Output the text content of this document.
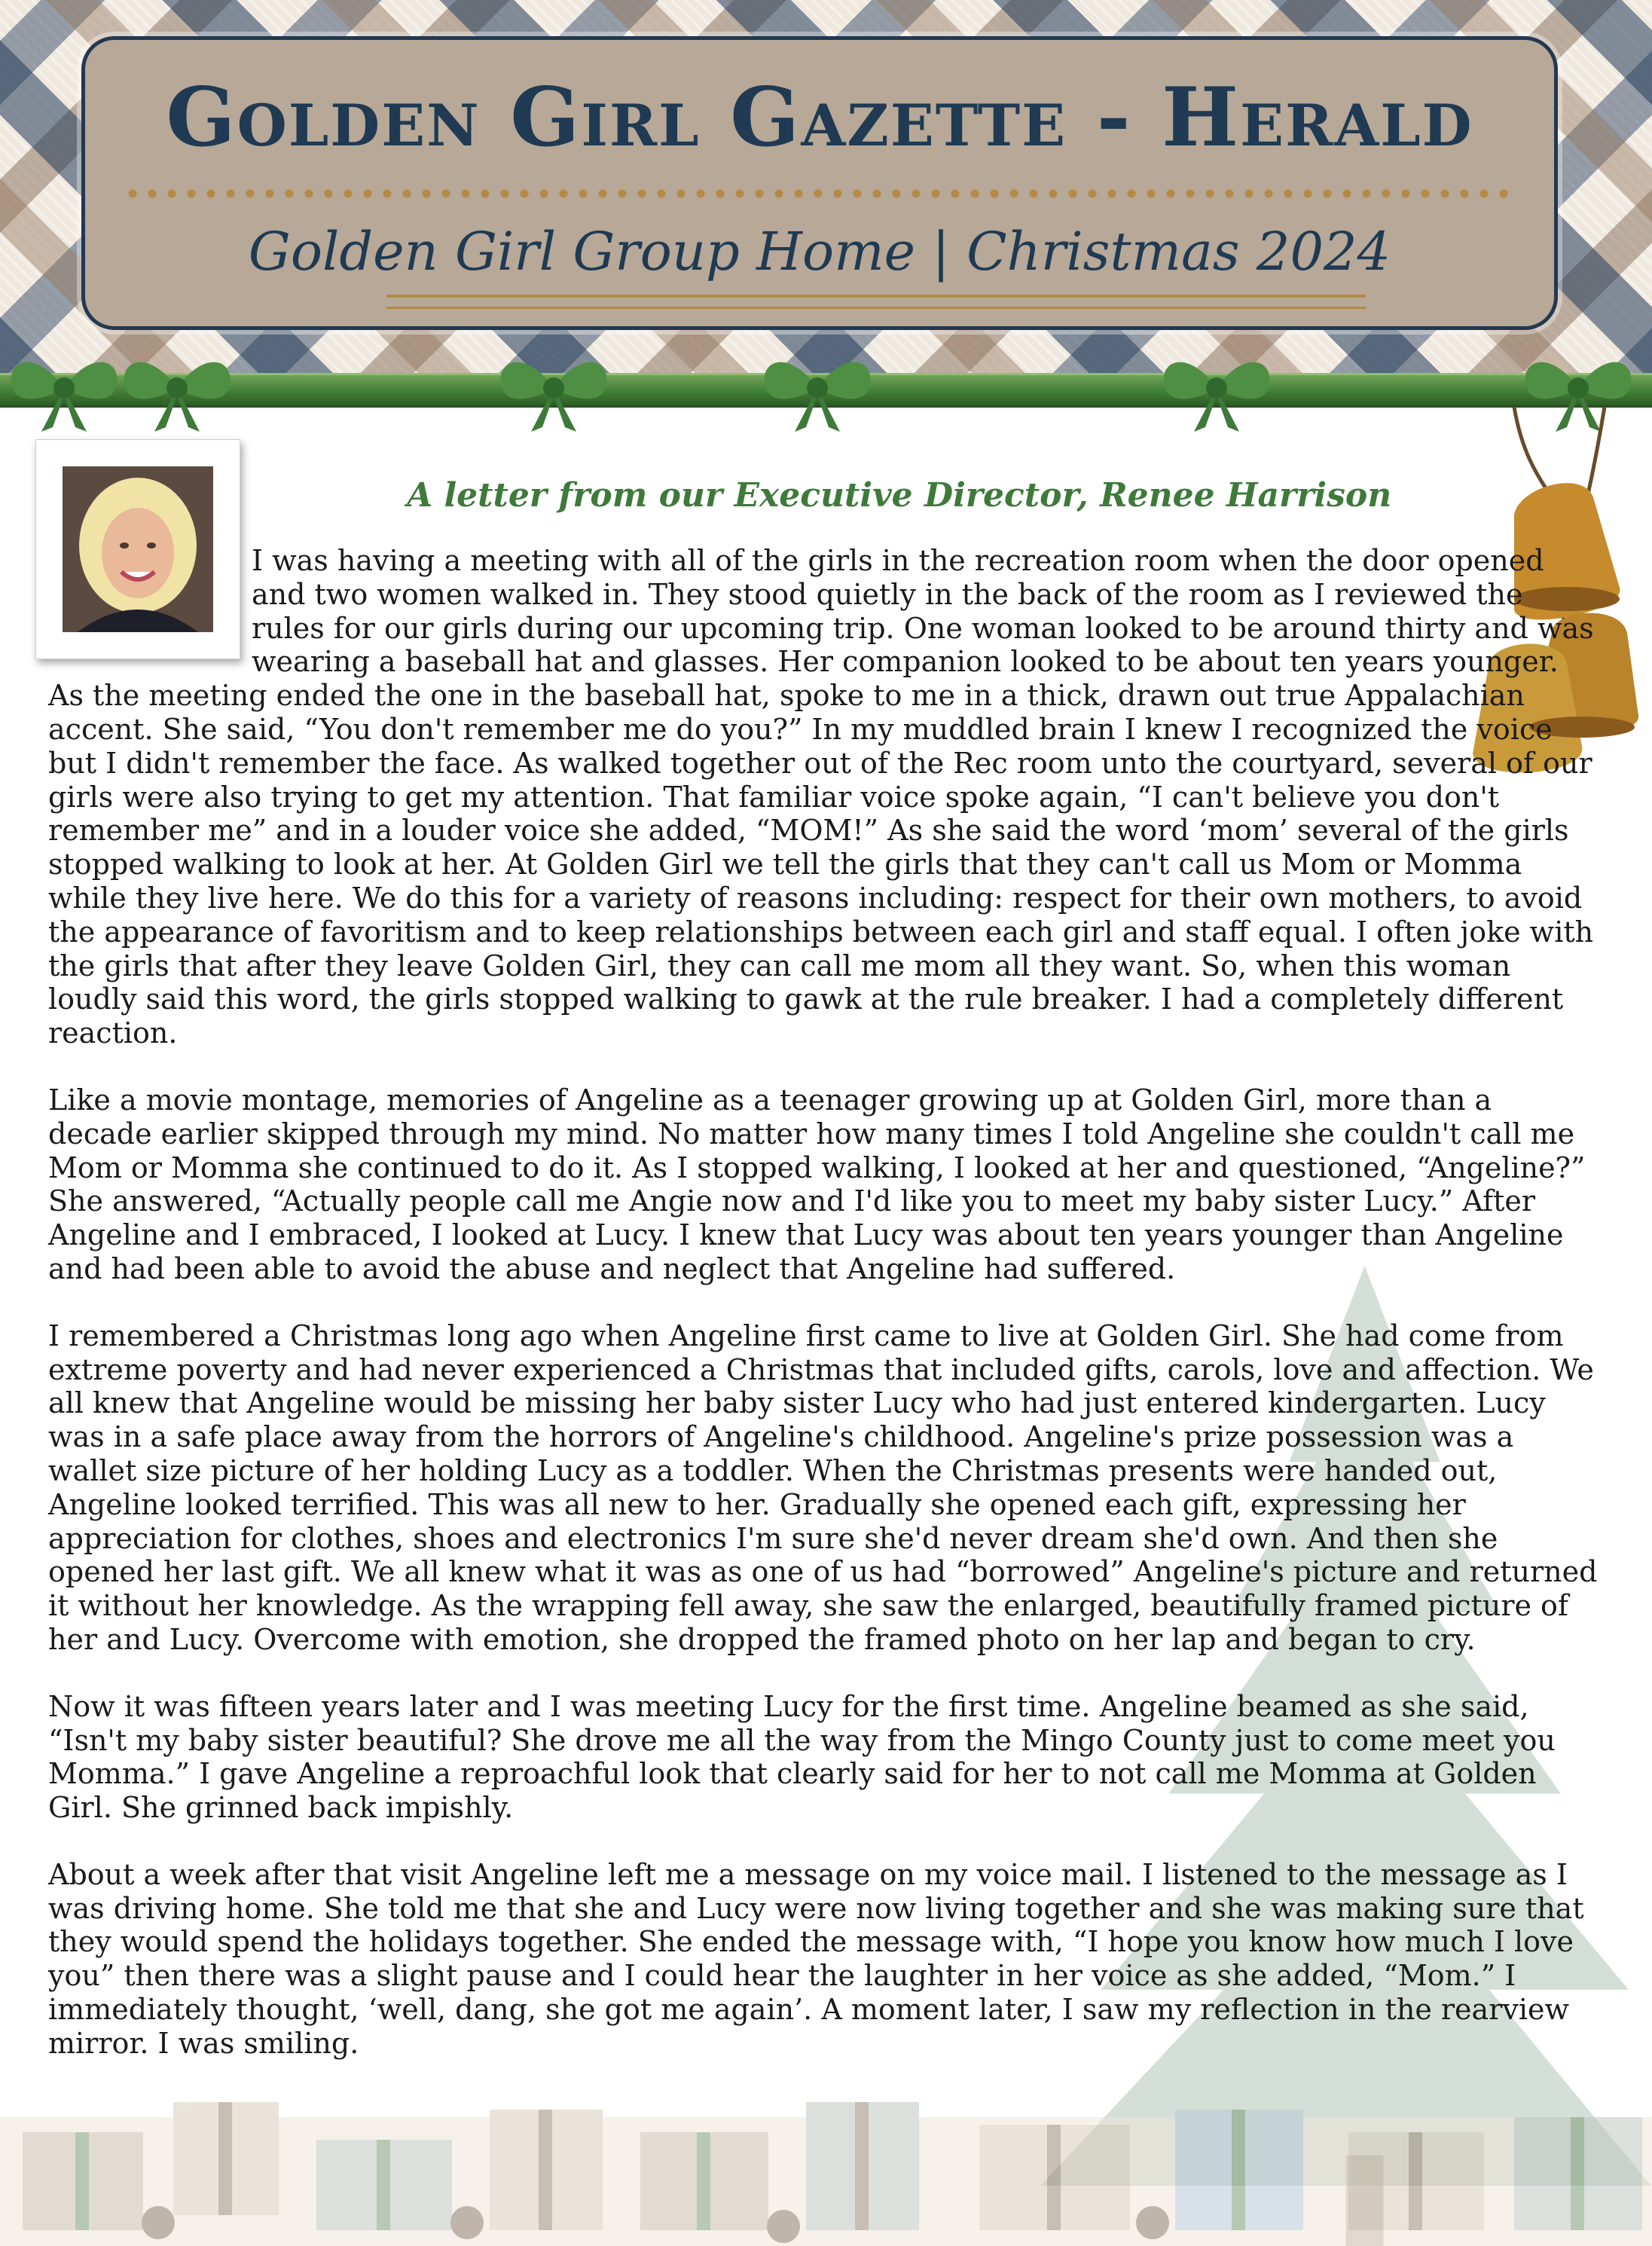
Golden Girl Gazette - Herald
Golden Girl Group Home | Christmas 2024
A letter from our Executive Director, Renee Harrison

I was having a meeting with all of the girls in the recreation room when the door opened and two women walked in. They stood quietly in the back of the room as I reviewed the rules for our girls during our upcoming trip. One woman looked to be around thirty and was wearing a baseball hat and glasses. Her companion looked to be about ten years younger. As the meeting ended the one in the baseball hat, spoke to me in a thick, drawn out true Appalachian accent. She said, “You don't remember me do you?” In my muddled brain I knew I recognized the voice but I didn't remember the face. As walked together out of the Rec room unto the courtyard, several of our girls were also trying to get my attention. That familiar voice spoke again, “I can't believe you don't remember me” and in a louder voice she added, “MOM!” As she said the word ‘mom’ several of the girls stopped walking to look at her. At Golden Girl we tell the girls that they can't call us Mom or Momma while they live here. We do this for a variety of reasons including: respect for their own mothers, to avoid the appearance of favoritism and to keep relationships between each girl and staff equal. I often joke with the girls that after they leave Golden Girl, they can call me mom all they want. So, when this woman loudly said this word, the girls stopped walking to gawk at the rule breaker. I had a completely different reaction.

Like a movie montage, memories of Angeline as a teenager growing up at Golden Girl, more than a decade earlier skipped through my mind. No matter how many times I told Angeline she couldn't call me Mom or Momma she continued to do it. As I stopped walking, I looked at her and questioned, “Angeline?” She answered, “Actually people call me Angie now and I'd like you to meet my baby sister Lucy.” After Angeline and I embraced, I looked at Lucy. I knew that Lucy was about ten years younger than Angeline and had been able to avoid the abuse and neglect that Angeline had suffered.

I remembered a Christmas long ago when Angeline first came to live at Golden Girl. She had come from extreme poverty and had never experienced a Christmas that included gifts, carols, love and affection. We all knew that Angeline would be missing her baby sister Lucy who had just entered kindergarten. Lucy was in a safe place away from the horrors of Angeline's childhood. Angeline's prize possession was a wallet size picture of her holding Lucy as a toddler. When the Christmas presents were handed out, Angeline looked terrified. This was all new to her. Gradually she opened each gift, expressing her appreciation for clothes, shoes and electronics I'm sure she'd never dream she'd own. And then she opened her last gift. We all knew what it was as one of us had “borrowed” Angeline's picture and returned it without her knowledge. As the wrapping fell away, she saw the enlarged, beautifully framed picture of her and Lucy. Overcome with emotion, she dropped the framed photo on her lap and began to cry.

Now it was fifteen years later and I was meeting Lucy for the first time. Angeline beamed as she said, “Isn't my baby sister beautiful? She drove me all the way from the Mingo County just to come meet you Momma.” I gave Angeline a reproachful look that clearly said for her to not call me Momma at Golden Girl. She grinned back impishly.

About a week after that visit Angeline left me a message on my voice mail. I listened to the message as I was driving home. She told me that she and Lucy were now living together and she was making sure that they would spend the holidays together. She ended the message with, “I hope you know how much I love you” then there was a slight pause and I could hear the laughter in her voice as she added, “Mom.” I immediately thought, ‘well, dang, she got me again’. A moment later, I saw my reflection in the rearview mirror. I was smiling.
